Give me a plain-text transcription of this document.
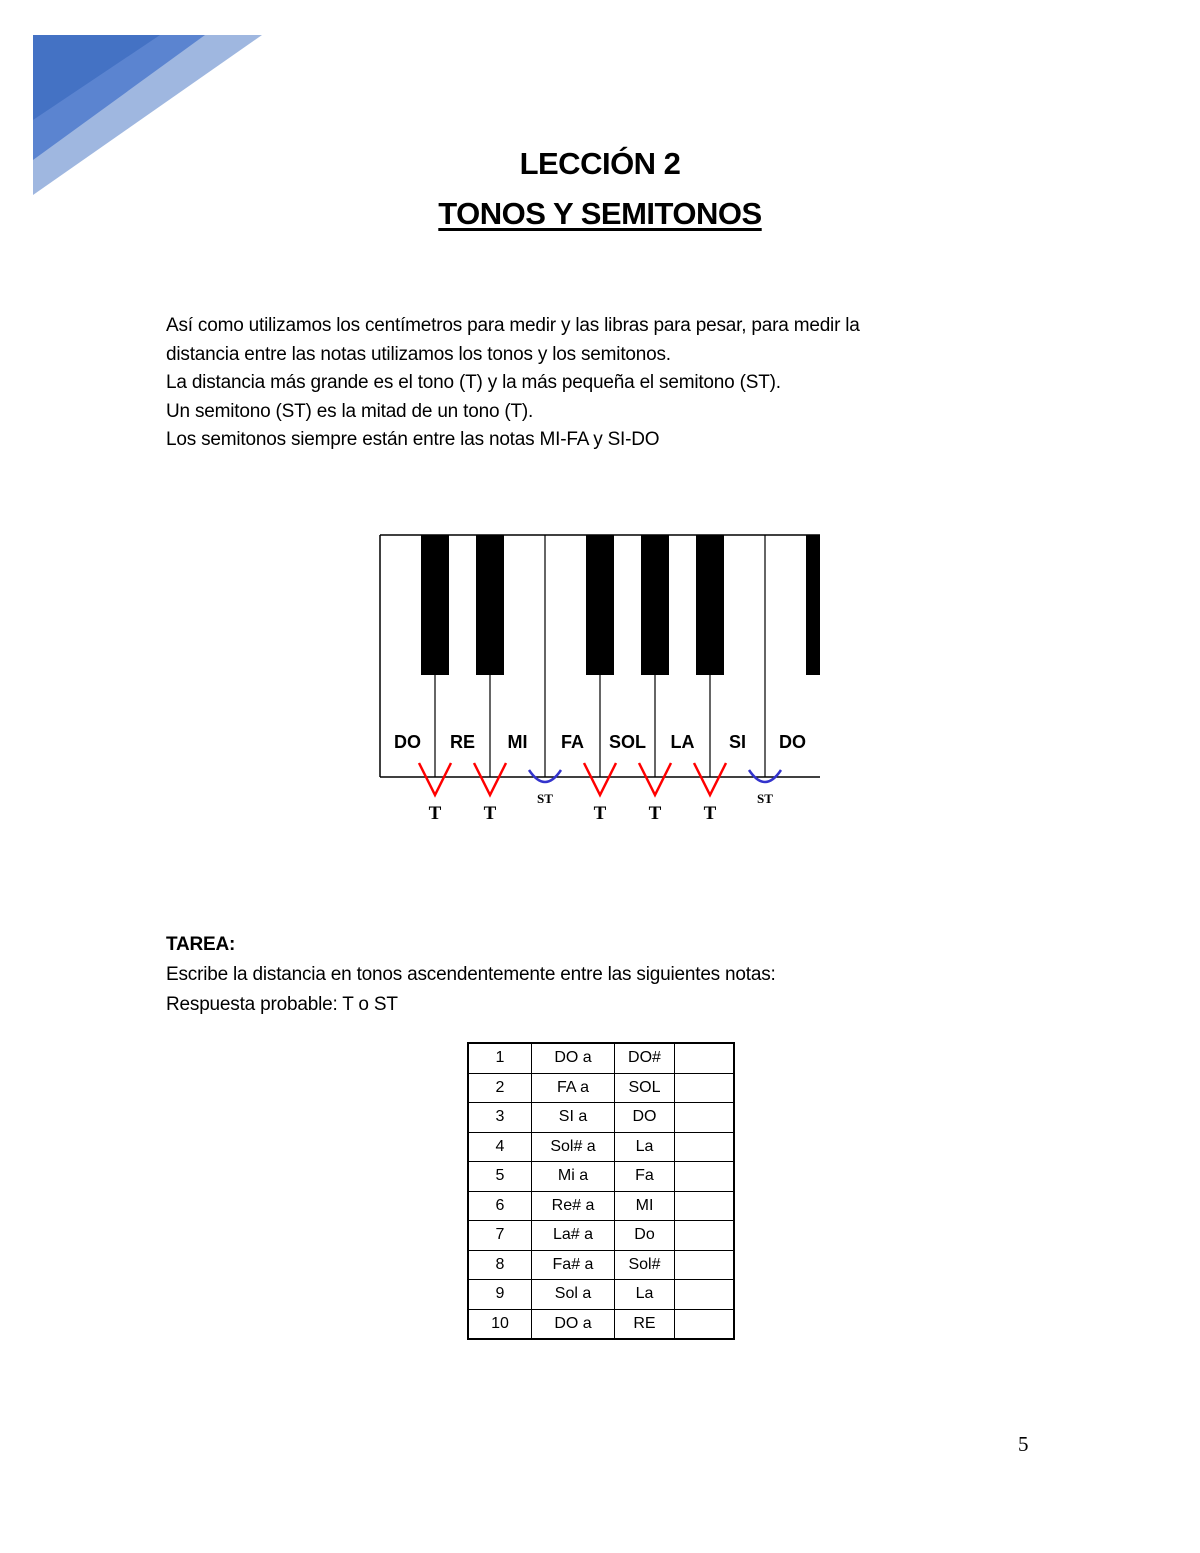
LECCIÓN 2
TONOS Y SEMITONOS
Así como utilizamos los centímetros para medir y las libras para pesar, para medir la
distancia entre las notas utilizamos los tonos y los semitonos.
La distancia más grande es el tono (T) y la más pequeña el semitono (ST).
Un semitono (ST) es la mitad de un tono (T).
Los semitonos siempre están entre las notas MI-FA y SI-DO
DO RE MI FA SOL LA SI DO
T T
ST
T T T
ST
TAREA:
Escribe la distancia en tonos ascendentemente entre las siguientes notas:
Respuesta probable: T o ST
1	DO a	DO#	
2	FA a	SOL	
3	SI a	DO	
4	Sol# a	La	
5	Mi a	Fa	
6	Re# a	MI	
7	La# a	Do	
8	Fa# a	Sol#	
9	Sol a	La	
10	DO a	RE	
5
